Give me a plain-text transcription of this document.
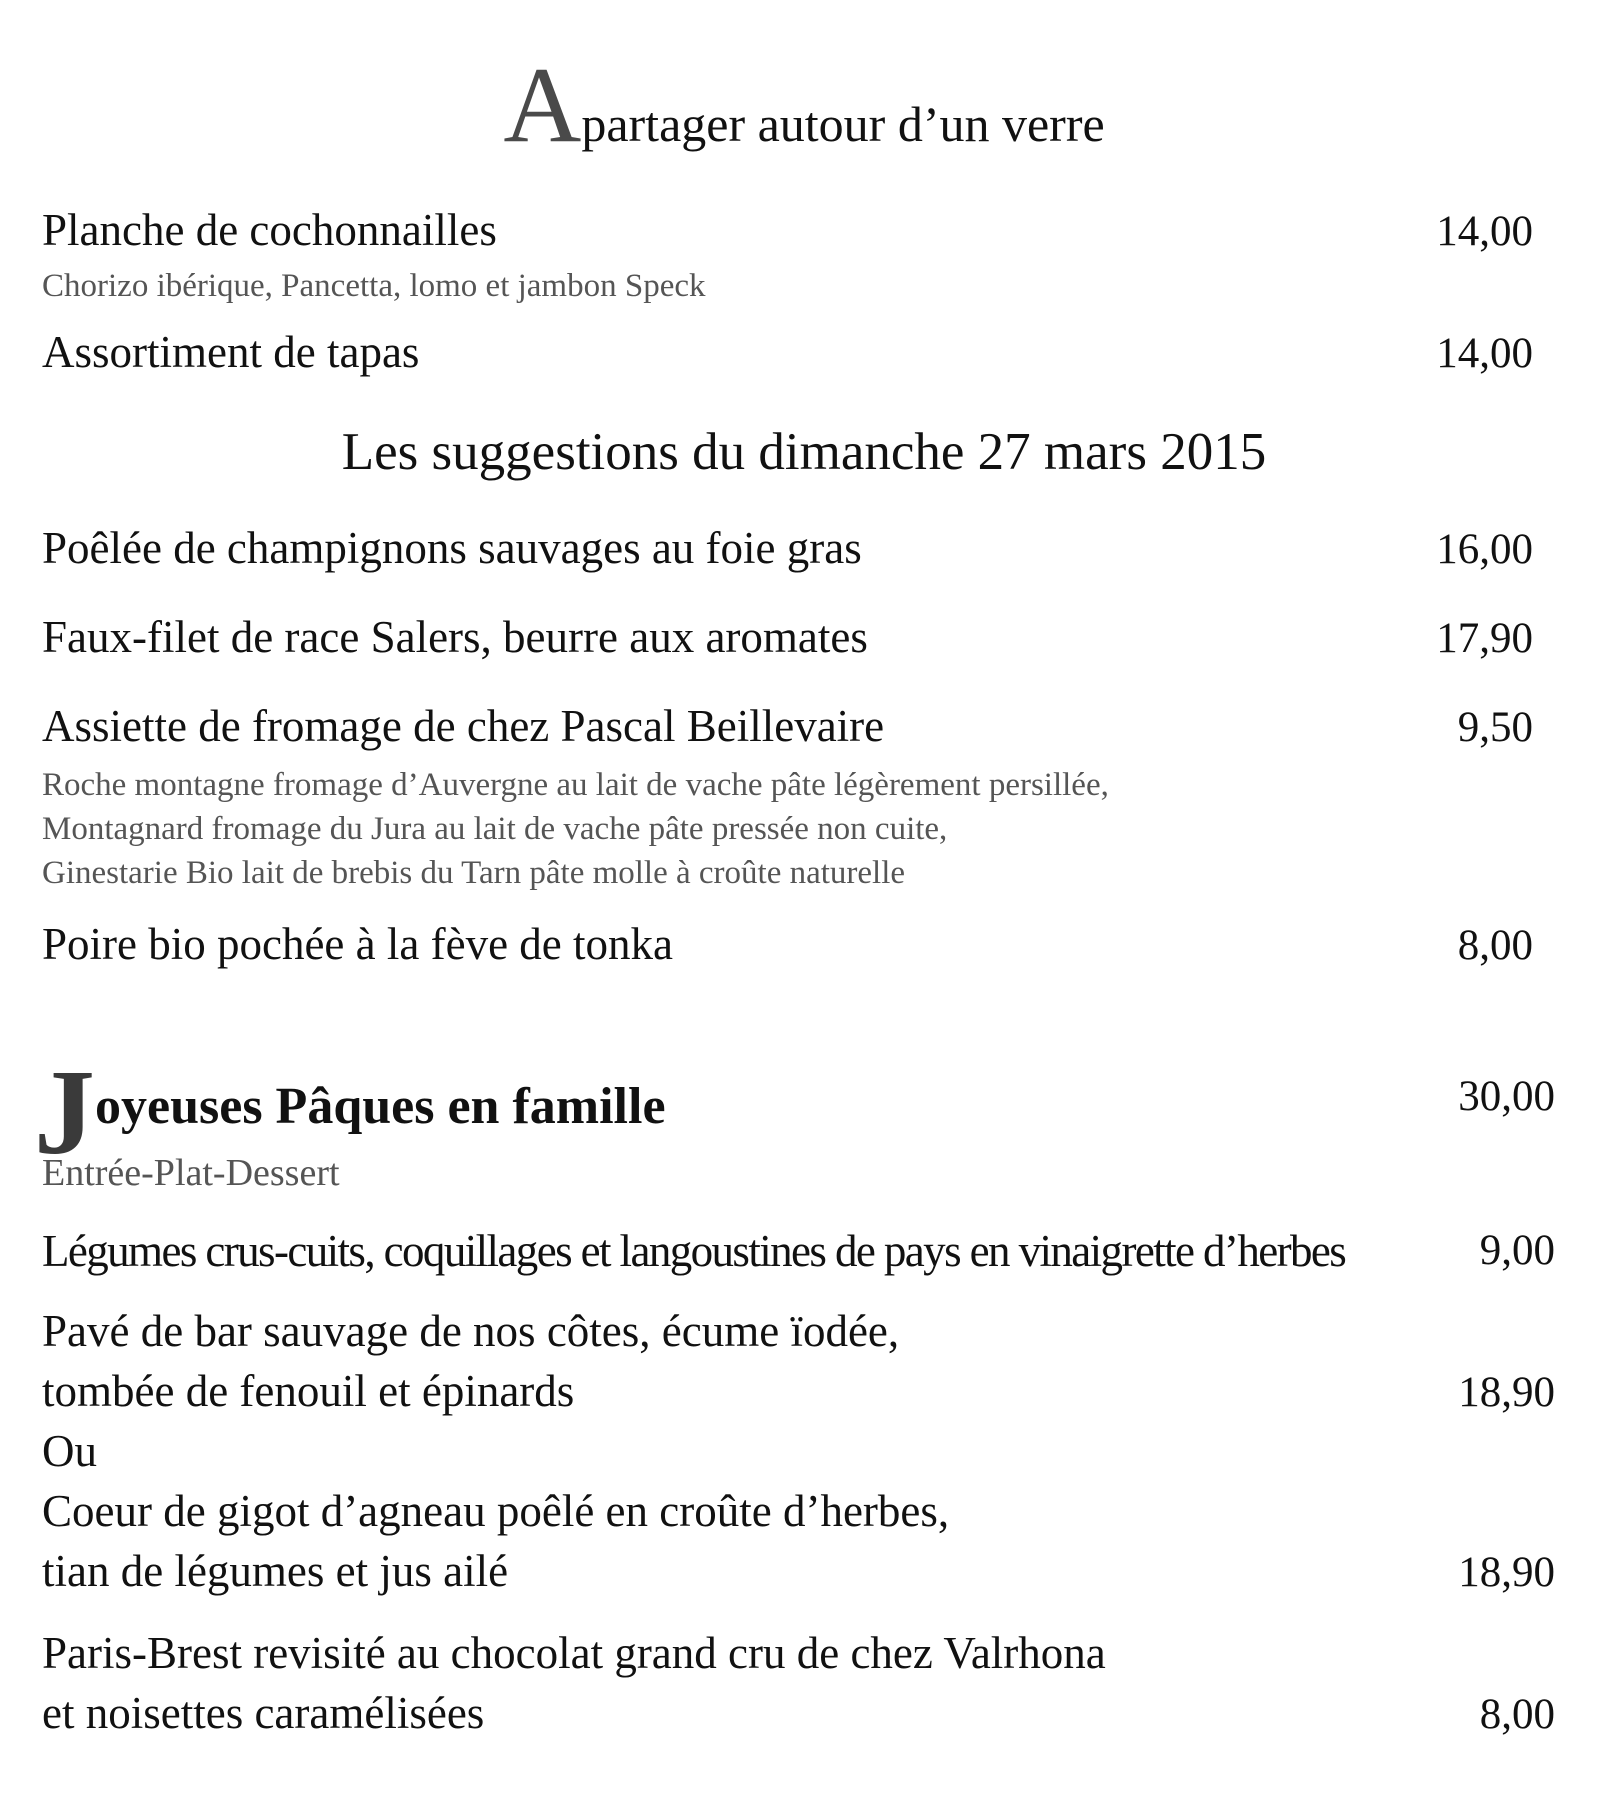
Apartager autour d’un verre
Planche de cochonnailles	14,00
Chorizo ibérique, Pancetta, lomo et jambon Speck
Assortiment de tapas	14,00
Les suggestions du dimanche 27 mars 2015
Poêlée de champignons sauvages au foie gras	16,00
Faux-filet de race Salers, beurre aux aromates	17,90
Assiette de fromage de chez Pascal Beillevaire	9,50
Roche montagne fromage d’Auvergne au lait de vache pâte légèrement persillée,
Montagnard fromage du Jura au lait de vache pâte pressée non cuite,
Ginestarie Bio lait de brebis du Tarn pâte molle à croûte naturelle
Poire bio pochée à la fève de tonka	8,00
Joyeuses Pâques en famille	30,00
Entrée-Plat-Dessert
Légumes crus-cuits, coquillages et langoustines de pays en vinaigrette d’herbes	9,00
Pavé de bar sauvage de nos côtes, écume ïodée,
tombée de fenouil et épinards	18,90
Ou
Coeur de gigot d’agneau poêlé en croûte d’herbes,
tian de légumes et jus ailé	18,90
Paris-Brest revisité au chocolat grand cru de chez Valrhona
et noisettes caramélisées	8,00
